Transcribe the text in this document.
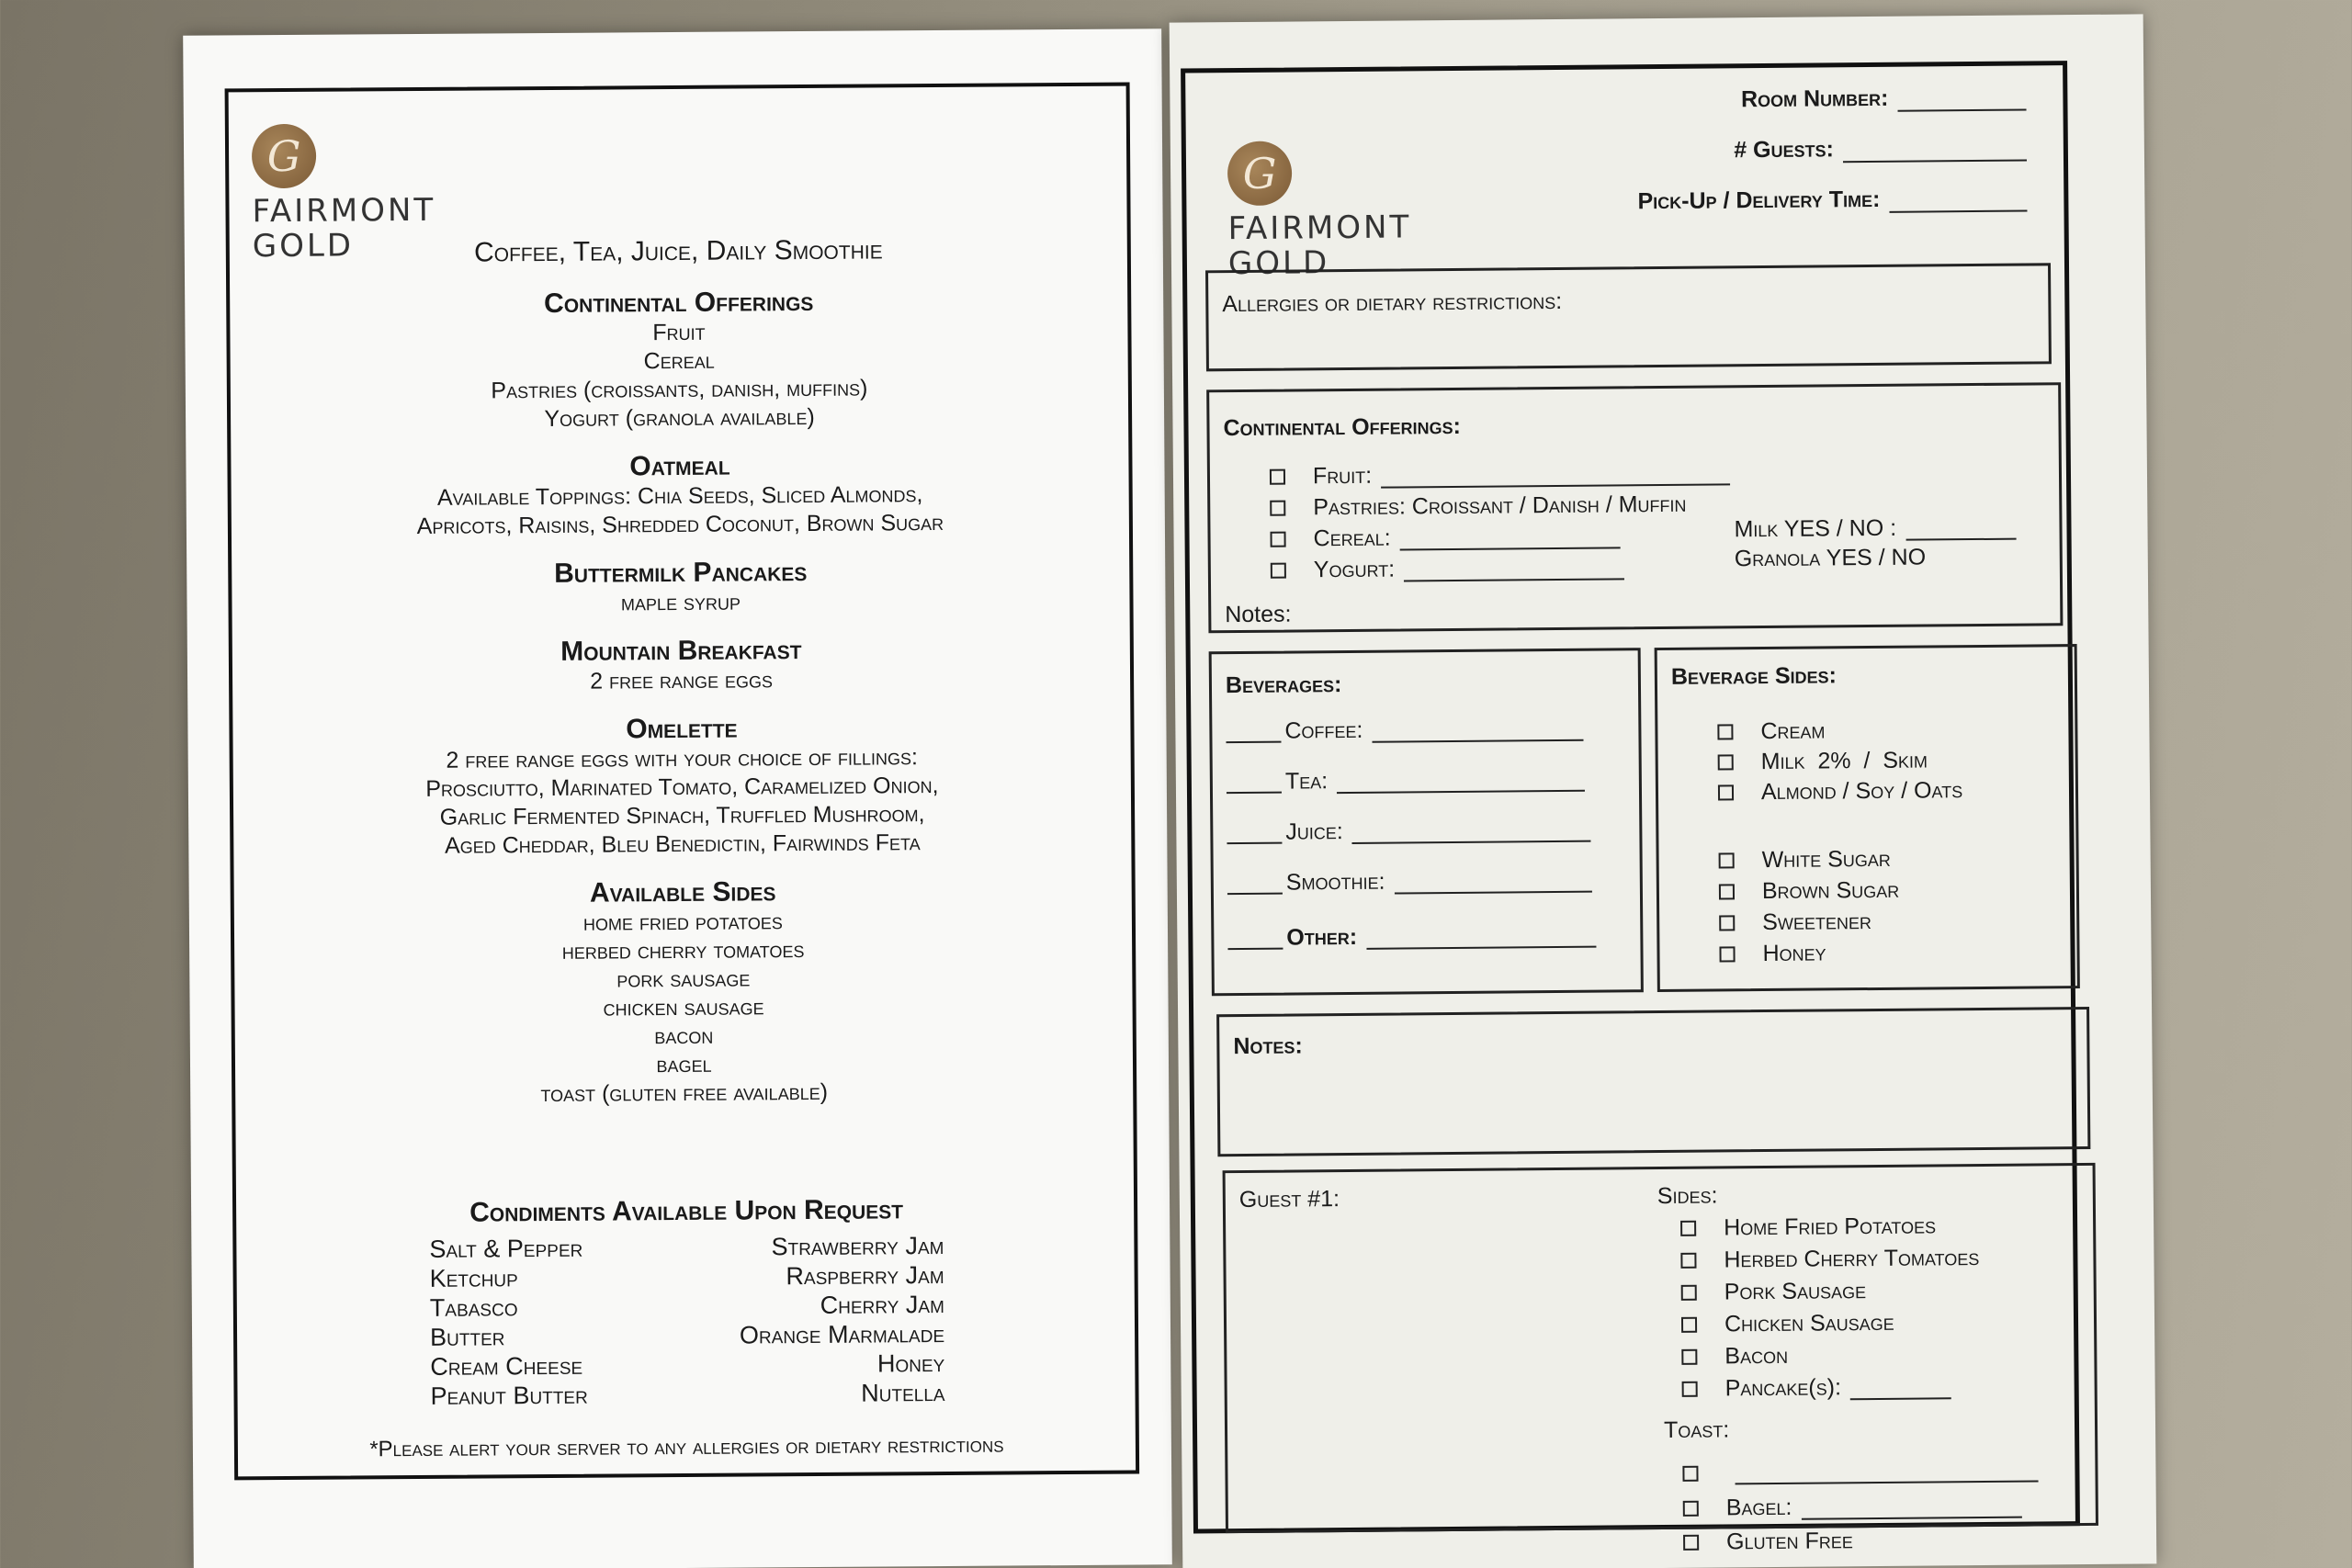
G
FAIRMONT
GOLD	Coffee, Tea, Juice, Daily Smoothie
Continental Offerings
Fruit
Cereal
Pastries (croissants, danish, muffins)
Yogurt (granola available)
Oatmeal
Available Toppings: Chia Seeds, Sliced Almonds,
Apricots, Raisins, Shredded Coconut, Brown Sugar
Buttermilk Pancakes
maple syrup
Mountain Breakfast
2 free range eggs
Omelette
2 free range eggs with your choice of fillings:
Prosciutto, Marinated Tomato, Caramelized Onion,
Garlic Fermented Spinach, Truffled Mushroom,
Aged Cheddar, Bleu Benedictin, Fairwinds Feta
Available Sides
home fried potatoes
herbed cherry tomatoes
pork sausage
chicken sausage
bacon
bagel
toast (gluten free available)
Condiments Available Upon Request
Salt & Pepper
Ketchup
Tabasco
Butter
Cream Cheese
Peanut Butter
Strawberry Jam
Raspberry Jam
Cherry Jam
Orange Marmalade
Honey
Nutella
*Please alert your server to any allergies or dietary restrictions
G
FAIRMONT
GOLD
Room Number:
# Guests:
Pick-Up / Delivery Time:
Allergies or dietary restrictions:
Continental Offerings:
Fruit:
Pastries: Croissant / Danish / Muffin
Cereal:
Yogurt:
Milk YES / NO :
Granola YES / NO
Notes:
Beverages:
Coffee:
Tea:
Juice:
Smoothie:
Other:
Beverage Sides:
Cream
Milk  2%  /  Skim
Almond / Soy / Oats
White Sugar
Brown Sugar
Sweetener
Honey
Notes:
Guest #1:	Sides:
Home Fried Potatoes
Herbed Cherry Tomatoes
Pork Sausage
Chicken Sausage
Bacon
Pancake(s):
Toast:
Bagel:
Gluten Free
